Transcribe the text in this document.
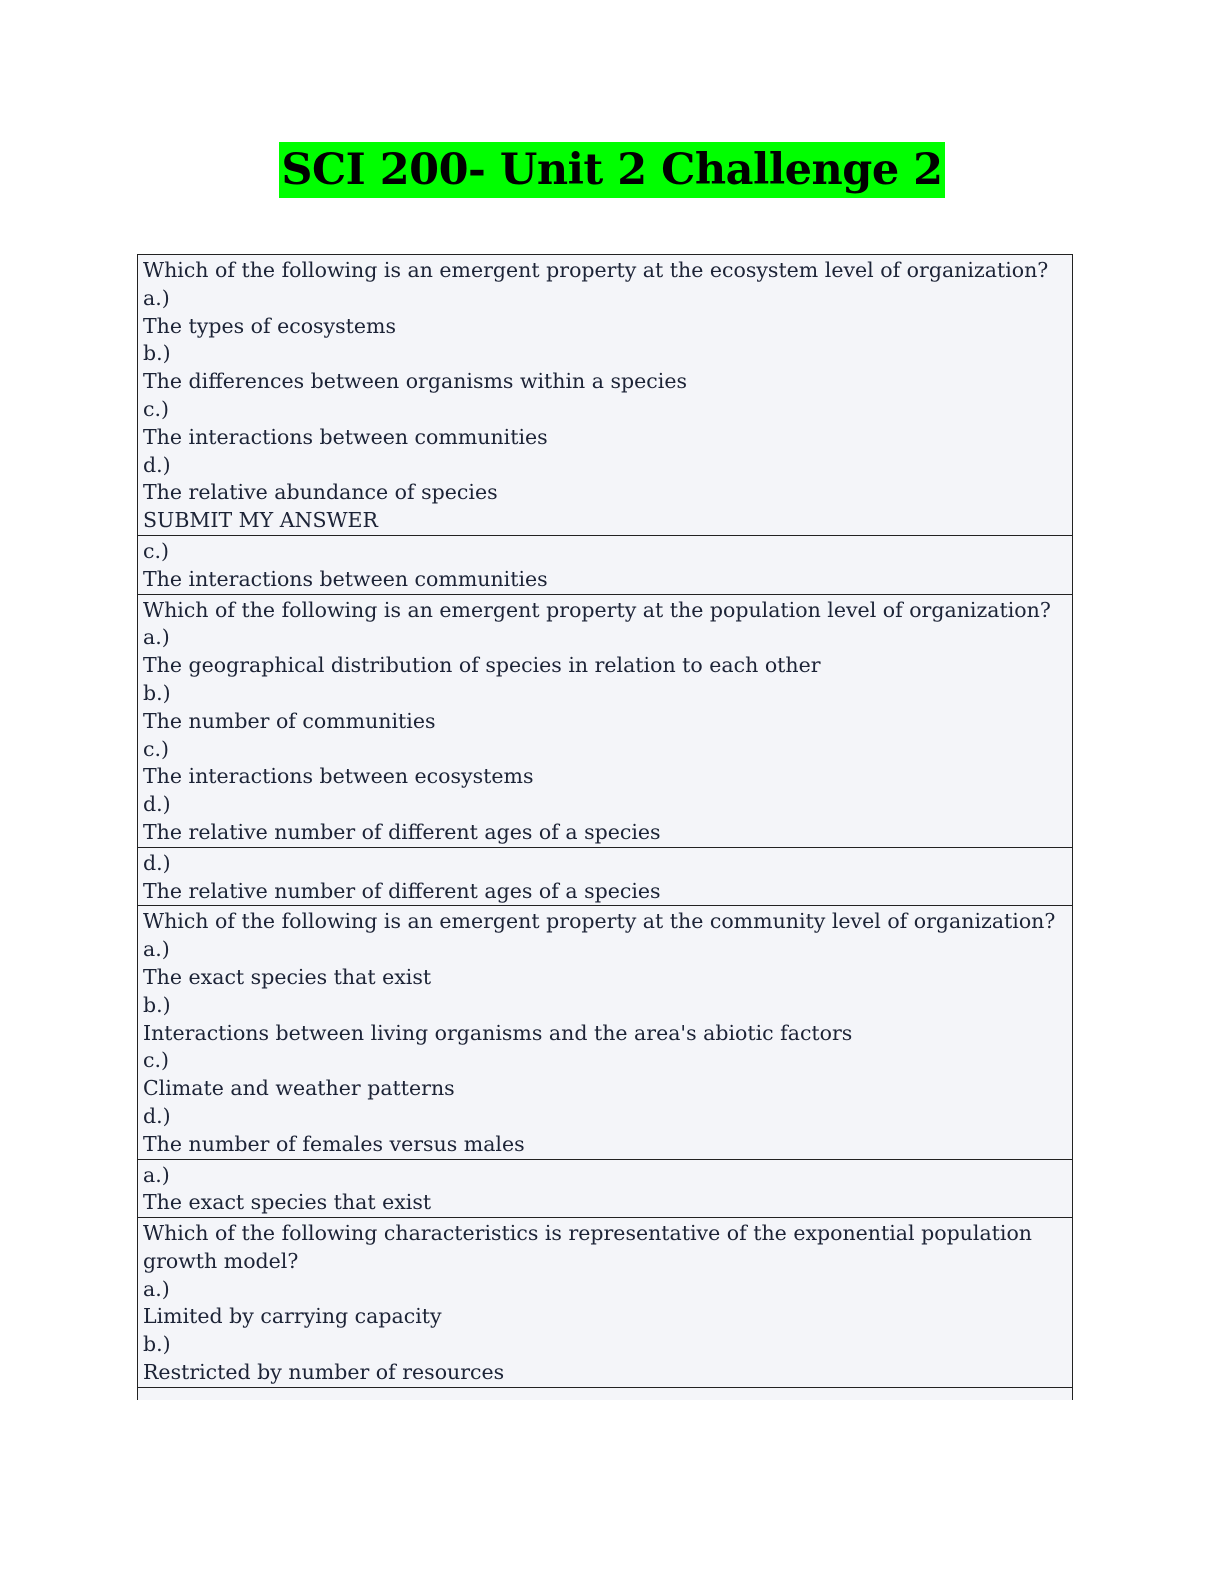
SCI 200- Unit 2 Challenge 2
Which of the following is an emergent property at the ecosystem level of organization?
a.)
The types of ecosystems
b.)
The differences between organisms within a species
c.)
The interactions between communities
d.)
The relative abundance of species
SUBMIT MY ANSWER
c.)
The interactions between communities
Which of the following is an emergent property at the population level of organization?
a.)
The geographical distribution of species in relation to each other
b.)
The number of communities
c.)
The interactions between ecosystems
d.)
The relative number of different ages of a species
d.)
The relative number of different ages of a species
Which of the following is an emergent property at the community level of organization?
a.)
The exact species that exist
b.)
Interactions between living organisms and the area's abiotic factors
c.)
Climate and weather patterns
d.)
The number of females versus males
a.)
The exact species that exist
Which of the following characteristics is representative of the exponential population
growth model?
a.)
Limited by carrying capacity
b.)
Restricted by number of resources
